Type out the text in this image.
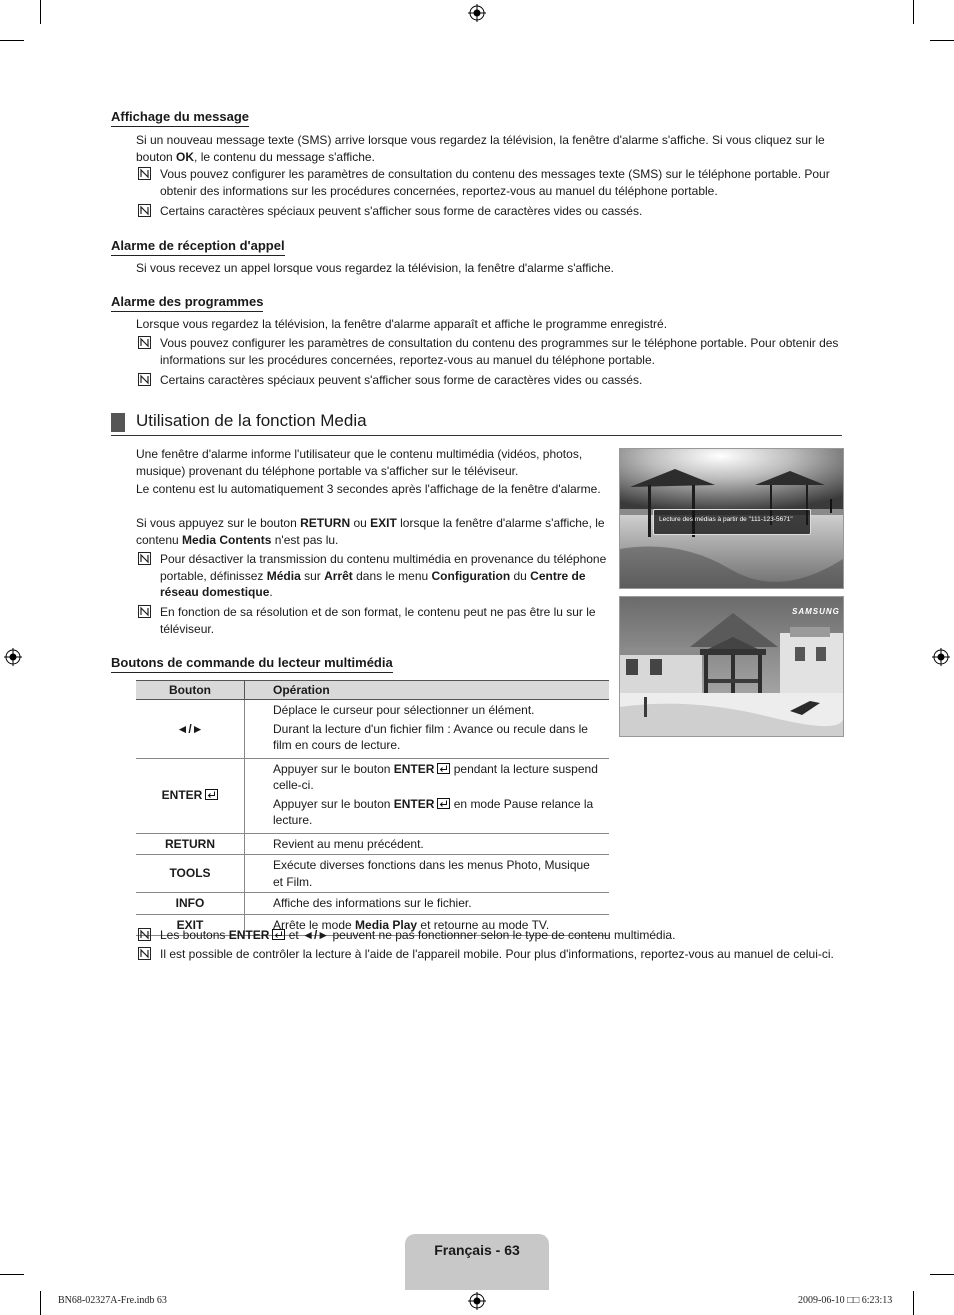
Affichage du message

Si un nouveau message texte (SMS) arrive lorsque vous regardez la télévision, la fenêtre d'alarme s'affiche. Si vous cliquez sur le bouton OK, le contenu du message s'affiche.

Vous pouvez configurer les paramètres de consultation du contenu des messages texte (SMS) sur le téléphone portable. Pour obtenir des informations sur les procédures concernées, reportez-vous au manuel du téléphone portable.
Certains caractères spéciaux peuvent s'afficher sous forme de caractères vides ou cassés.
Alarme de réception d'appel

Si vous recevez un appel lorsque vous regardez la télévision, la fenêtre d'alarme s'affiche.

Alarme des programmes

Lorsque vous regardez la télévision, la fenêtre d'alarme apparaît et affiche le programme enregistré.

Vous pouvez configurer les paramètres de consultation du contenu des programmes sur le téléphone portable. Pour obtenir des informations sur les procédures concernées, reportez-vous au manuel du téléphone portable.
Certains caractères spéciaux peuvent s'afficher sous forme de caractères vides ou cassés.
Utilisation de la fonction Media

Une fenêtre d'alarme informe l'utilisateur que le contenu multimédia (vidéos, photos, musique) provenant du téléphone portable va s'afficher sur le téléviseur.

Le contenu est lu automatiquement 3 secondes après l'affichage de la fenêtre d'alarme.

Si vous appuyez sur le bouton RETURN ou EXIT lorsque la fenêtre d'alarme s'affiche, le contenu Media Contents n'est pas lu.

Pour désactiver la transmission du contenu multimédia en provenance du téléphone portable, définissez Média sur Arrêt dans le menu Configuration du Centre de réseau domestique.
En fonction de sa résolution et de son format, le contenu peut ne pas être lu sur le téléviseur.
Lecture des médias à partir de "111-123-5671"
SAMSUNG
Boutons de commande du lecteur multimédia
Bouton	Opération
◄/►	Déplace le curseur pour sélectionner un élément.

Durant la lecture d'un fichier film : Avance ou recule dans le film en cours de lecture.

ENTER	Appuyer sur le bouton ENTER pendant la lecture suspend celle-ci.

Appuyer sur le bouton ENTER en mode Pause relance la lecture.

RETURN	Revient au menu précédent.
TOOLS	Exécute diverses fonctions dans les menus Photo, Musique et Film.
INFO	Affiche des informations sur le fichier.
EXIT	Arrête le mode Media Play et retourne au mode TV.
Les boutons ENTER et ◄/► peuvent ne pas fonctionner selon le type de contenu multimédia.
Il est possible de contrôler la lecture à l'aide de l'appareil mobile. Pour plus d'informations, reportez-vous au manuel de celui-ci.
Français - 63
BN68-02327A-Fre.indb 63	2009-06-10 □□ 6:23:13
